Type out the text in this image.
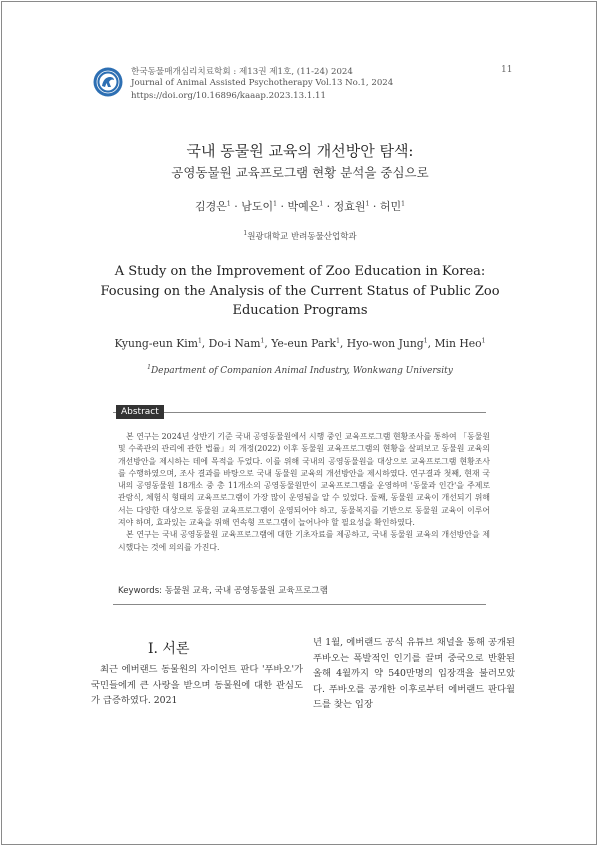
한국동물매개심리치료학회 : 제13권 제1호, (11-24) 2024
Journal of Animal Assisted Psychotherapy Vol.13 No.1, 2024
https://doi.org/10.16896/kaaap.2023.13.1.11
11
국내 동물원 교육의 개선방안 탐색:
공영동물원 교육프로그램 현황 분석을 중심으로
김경은$^1$ · 남도이$^1$ · 박예은$^1$ · 정효원$^1$ · 허민$^1$
$^1$원광대학교 반려동물산업학과
A Study on the Improvement of Zoo Education in Korea:
Focusing on the Analysis of the Current Status of Public Zoo
Education Programs
Kyung-eun Kim$^1$, Do-i Nam$^1$, Ye-eun Park$^1$, Hyo-won Jung$^1$, Min Heo$^1$
$^1$Department of Companion Animal Industry, Wonkwang University
Abstract

본 연구는 2024년 상반기 기준 국내 공영동물원에서 시행 중인 교육프로그램 현황조사를 통하여 「동물원 및 수족관의 관리에 관한 법률」의 개정(2022) 이후 동물원 교육프로그램의 현황을 살펴보고 동물원 교육의 개선방안을 제시하는 데에 목적을 두었다. 이를 위해 국내의 공영동물원을 대상으로 교육프로그램 현황조사를 수행하였으며, 조사 결과를 바탕으로 국내 동물원 교육의 개선방안을 제시하였다. 연구결과 첫째, 현재 국내의 공영동물원 18개소 중 총 11개소의 공영동물원만이 교육프로그램을 운영하며 '동물과 인간'을 주제로 관람식, 체험식 형태의 교육프로그램이 가장 많이 운영됨을 알 수 있었다. 둘째, 동물원 교육이 개선되기 위해서는 다양한 대상으로 동물원 교육프로그램이 운영되어야 하고, 동물복지를 기반으로 동물원 교육이 이루어져야 하며, 효과있는 교육을 위해 연속형 프로그램이 늘어나야 할 필요성을 확인하였다.

본 연구는 국내 공영동물원 교육프로그램에 대한 기초자료를 제공하고, 국내 동물원 교육의 개선방안을 제시했다는 것에 의의를 가진다.

Keywords: 동물원 교육, 국내 공영동물원 교육프로그램
Ⅰ. 서론

최근 에버랜드 동물원의 자이언트 판다 '푸바오'가 국민들에게 큰 사랑을 받으며 동물원에 대한 관심도가 급증하였다. 2021

년 1월, 에버랜드 공식 유튜브 채널을 통해 공개된 푸바오는 폭발적인 인기를 끌며 중국으로 반환된 올해 4월까지 약 540만명의 입장객을 불러모았다. 푸바오를 공개한 이후로부터 에버랜드 판다월드를 찾는 입장
